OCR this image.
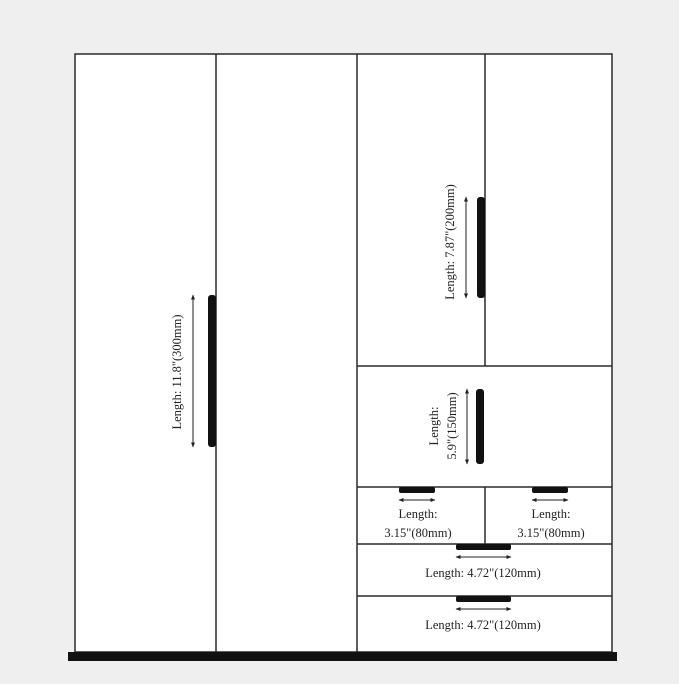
Length: 11.8"(300mm)
Length: 7.87"(200mm)
Length: 5.9"(150mm)
Length:
3.15"(80mm)
Length:
3.15"(80mm)
Length: 4.72"(120mm)
Length: 4.72"(120mm)
